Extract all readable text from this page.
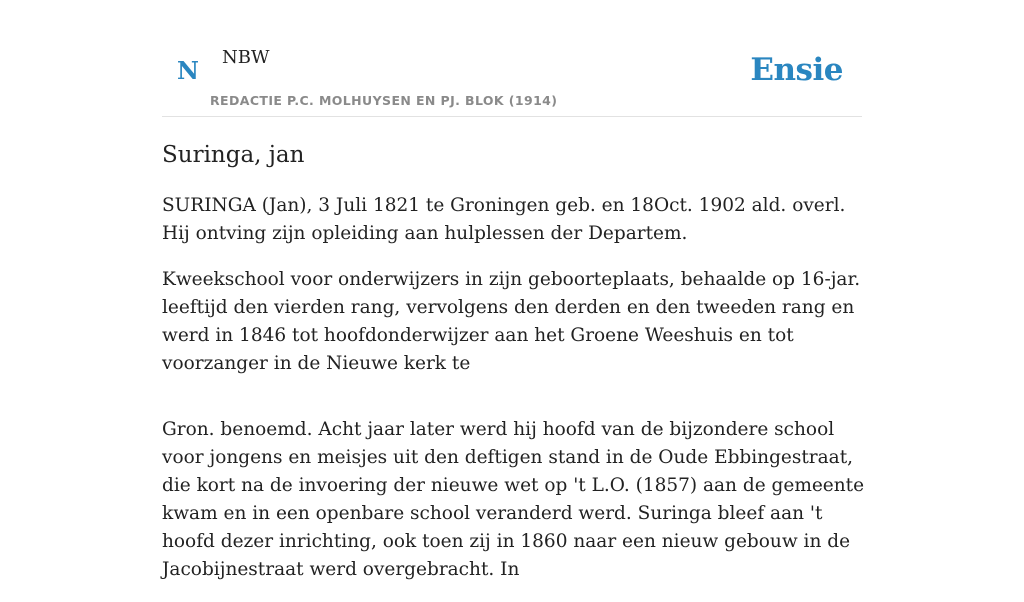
N NBW
REDACTIE P.C. MOLHUYSEN EN PJ. BLOK (1914)
Ensie
Suringa, jan

SURINGA (Jan), 3 Juli 1821 te Groningen geb. en 18Oct. 1902 ald. overl. Hij ontving zijn opleiding aan hulplessen der Departem.

Kweekschool voor onderwijzers in zijn geboorteplaats, behaalde op 16-jar. leeftijd den vierden rang, vervolgens den derden en den tweeden rang en werd in 1846 tot hoofdonderwijzer aan het Groene Weeshuis en tot voorzanger in de Nieuwe kerk te

Gron. benoemd. Acht jaar later werd hij hoofd van de bijzondere school voor jongens en meisjes uit den deftigen stand in de Oude Ebbingestraat, die kort na de invoering der nieuwe wet op 't L.O. (1857) aan de gemeente kwam en in een openbare school veranderd werd. Suringa bleef aan 't hoofd dezer inrichting, ook toen zij in 1860 naar een nieuw gebouw in de Jacobijnestraat werd overgebracht. In
